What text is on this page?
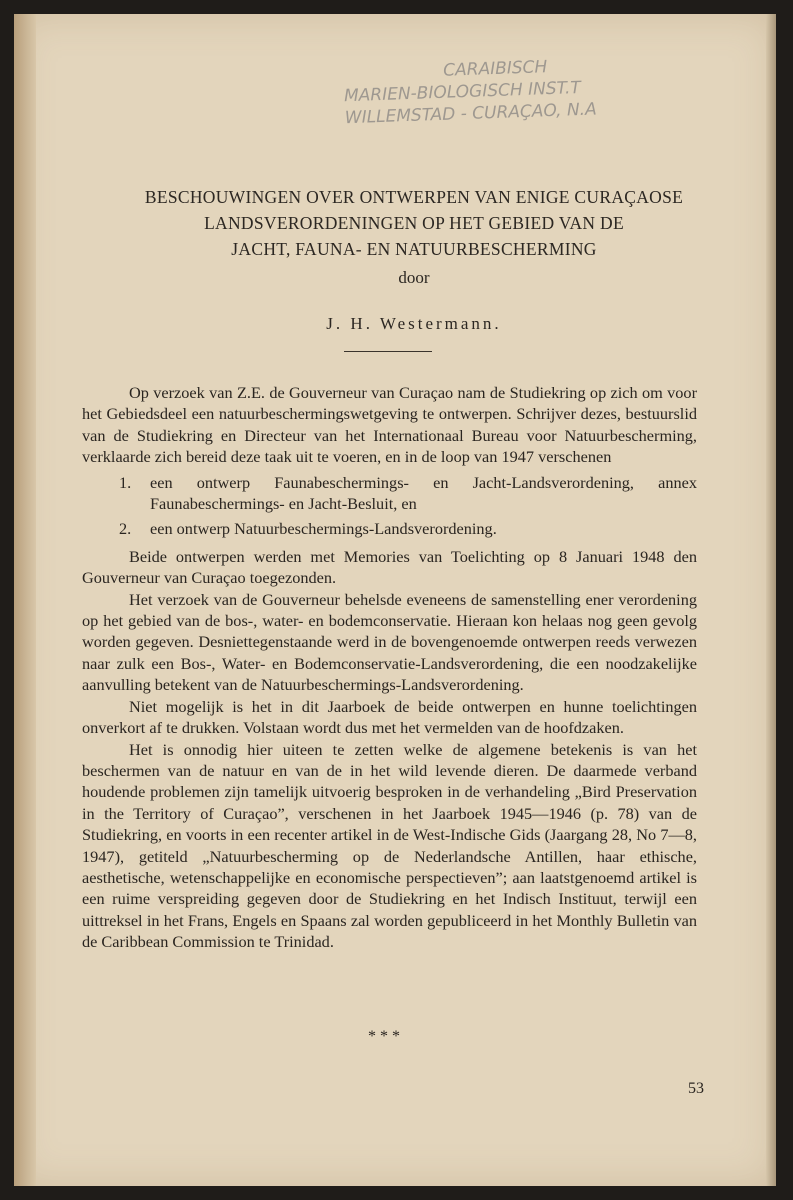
CARAIBISCH
MARIEN-BIOLOGISCH INST.T
WILLEMSTAD - CURAÇAO, N.A
BESCHOUWINGEN OVER ONTWERPEN VAN ENIGE CURAÇAOSE
LANDSVERORDENINGEN OP HET GEBIED VAN DE
JACHT, FAUNA- EN NATUURBESCHERMING
door
J. H. Westermann.

Op verzoek van Z.E. de Gouverneur van Curaçao nam de Studiekring op zich om voor het Gebiedsdeel een natuurbeschermingswetgeving te ontwerpen. Schrijver dezes, bestuurslid van de Studiekring en Directeur van het Internationaal Bureau voor Natuurbescherming, verklaarde zich bereid deze taak uit te voeren, en in de loop van 1947 verschenen

1.	een ontwerp Faunabeschermings- en Jacht-Landsverordening, annex Faunabeschermings- en Jacht-Besluit, en
2.	een ontwerp Natuurbeschermings-Landsverordening.

Beide ontwerpen werden met Memories van Toelichting op 8 Januari 1948 den Gouverneur van Curaçao toegezonden.

Het verzoek van de Gouverneur behelsde eveneens de samenstelling ener verordening op het gebied van de bos-, water- en bodemconservatie. Hieraan kon helaas nog geen gevolg worden gegeven. Desniettegenstaande werd in de bovengenoemde ontwerpen reeds verwezen naar zulk een Bos-, Water- en Bodemconservatie-Landsverordening, die een noodzakelijke aanvulling betekent van de Natuurbeschermings-Landsverordening.

Niet mogelijk is het in dit Jaarboek de beide ontwerpen en hunne toelichtingen onverkort af te drukken. Volstaan wordt dus met het vermelden van de hoofdzaken.

Het is onnodig hier uiteen te zetten welke de algemene betekenis is van het beschermen van de natuur en van de in het wild levende dieren. De daarmede verband houdende problemen zijn tamelijk uitvoerig besproken in de verhandeling „Bird Preservation in the Territory of Curaçao”, verschenen in het Jaarboek 1945—1946 (p. 78) van de Studiekring, en voorts in een recenter artikel in de West-Indische Gids (Jaargang 28, No 7—8, 1947), getiteld „Natuurbescherming op de Nederlandsche Antillen, haar ethische, aesthetische, wetenschappelijke en economische perspectieven”; aan laatstgenoemd artikel is een ruime verspreiding gegeven door de Studiekring en het Indisch Instituut, terwijl een uittreksel in het Frans, Engels en Spaans zal worden gepubliceerd in het Monthly Bulletin van de Caribbean Commission te Trinidad.

* * *
53
